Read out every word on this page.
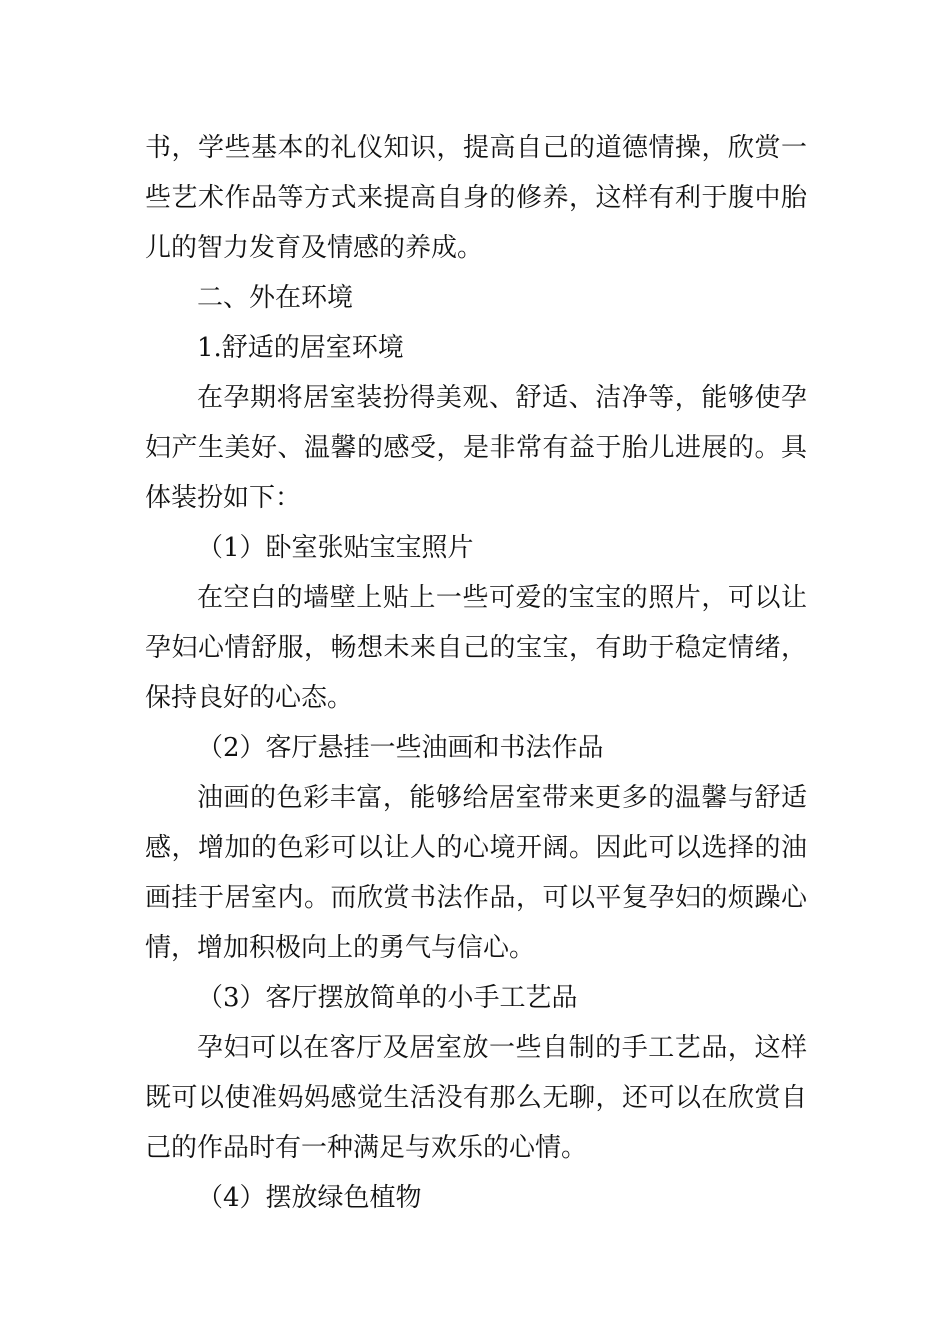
书，学些基本的礼仪知识，提高自己的道德情操，欣赏一
些艺术作品等方式来提高自身的修养，这样有利于腹中胎
儿的智力发育及情感的养成。
二、外在环境
1.舒适的居室环境
在孕期将居室装扮得美观、舒适、洁净等，能够使孕
妇产生美好、温馨的感受，是非常有益于胎儿进展的。具
体装扮如下：
（1）卧室张贴宝宝照片
在空白的墙壁上贴上一些可爱的宝宝的照片，可以让
孕妇心情舒服，畅想未来自己的宝宝，有助于稳定情绪，
保持良好的心态。
（2）客厅悬挂一些油画和书法作品
油画的色彩丰富，能够给居室带来更多的温馨与舒适
感，增加的色彩可以让人的心境开阔。因此可以选择的油
画挂于居室内。而欣赏书法作品，可以平复孕妇的烦躁心
情，增加积极向上的勇气与信心。
（3）客厅摆放简单的小手工艺品
孕妇可以在客厅及居室放一些自制的手工艺品，这样
既可以使准妈妈感觉生活没有那么无聊，还可以在欣赏自
己的作品时有一种满足与欢乐的心情。
（4）摆放绿色植物
